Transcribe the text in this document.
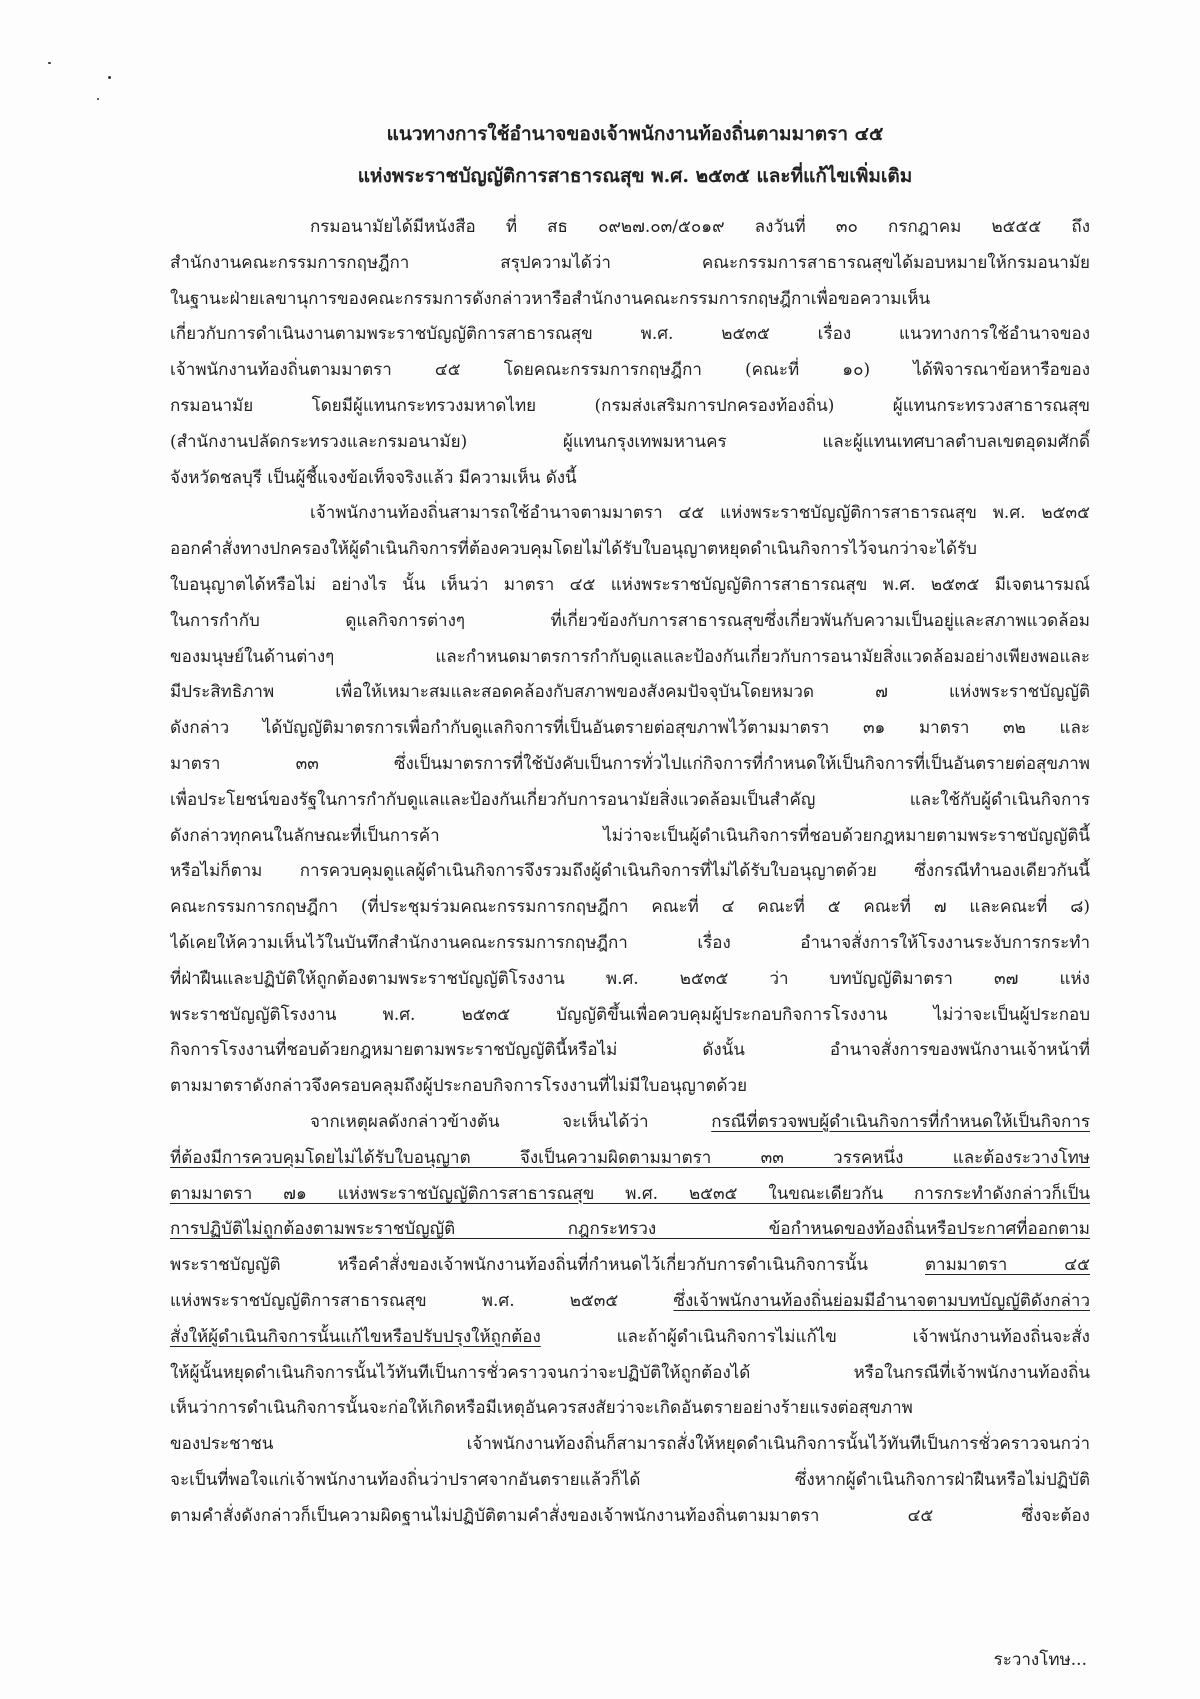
แนวทางการใช้อำนาจของเจ้าพนักงานท้องถิ่นตามมาตรา ๔๕
แห่งพระราชบัญญัติการสาธารณสุข พ.ศ. ๒๕๓๕ และที่แก้ไขเพิ่มเติม
กรมอนามัยได้มีหนังสือ ที่ สธ ๐๙๒๗.๐๓/๕๐๑๙ ลงวันที่ ๓๐ กรกฎาคม ๒๕๕๕ ถึง
สำนักงานคณะกรรมการกฤษฎีกา สรุปความได้ว่า คณะกรรมการสาธารณสุขได้มอบหมายให้กรมอนามัย
ในฐานะฝ่ายเลขานุการของคณะกรรมการดังกล่าวหารือสำนักงานคณะกรรมการกฤษฎีกาเพื่อขอความเห็น
เกี่ยวกับการดำเนินงานตามพระราชบัญญัติการสาธารณสุข พ.ศ. ๒๕๓๕ เรื่อง แนวทางการใช้อำนาจของ
เจ้าพนักงานท้องถิ่นตามมาตรา ๔๕ โดยคณะกรรมการกฤษฎีกา (คณะที่ ๑๐) ได้พิจารณาข้อหารือของ
กรมอนามัย โดยมีผู้แทนกระทรวงมหาดไทย (กรมส่งเสริมการปกครองท้องถิ่น) ผู้แทนกระทรวงสาธารณสุข
(สำนักงานปลัดกระทรวงและกรมอนามัย) ผู้แทนกรุงเทพมหานคร และผู้แทนเทศบาลตำบลเขตอุดมศักดิ์
จังหวัดชลบุรี เป็นผู้ชี้แจงข้อเท็จจริงแล้ว มีความเห็น ดังนี้
เจ้าพนักงานท้องถิ่นสามารถใช้อำนาจตามมาตรา ๔๕ แห่งพระราชบัญญัติการสาธารณสุข พ.ศ. ๒๕๓๕
ออกคำสั่งทางปกครองให้ผู้ดำเนินกิจการที่ต้องควบคุมโดยไม่ได้รับใบอนุญาตหยุดดำเนินกิจการไว้จนกว่าจะได้รับ
ใบอนุญาตได้หรือไม่ อย่างไร นั้น เห็นว่า มาตรา ๔๕ แห่งพระราชบัญญัติการสาธารณสุข พ.ศ. ๒๕๓๕ มีเจตนารมณ์
ในการกำกับ ดูแลกิจการต่างๆ ที่เกี่ยวข้องกับการสาธารณสุขซึ่งเกี่ยวพันกับความเป็นอยู่และสภาพแวดล้อม
ของมนุษย์ในด้านต่างๆ และกำหนดมาตรการกำกับดูแลและป้องกันเกี่ยวกับการอนามัยสิ่งแวดล้อมอย่างเพียงพอและ
มีประสิทธิภาพ เพื่อให้เหมาะสมและสอดคล้องกับสภาพของสังคมปัจจุบันโดยหมวด ๗ แห่งพระราชบัญญัติ
ดังกล่าว ได้บัญญัติมาตรการเพื่อกำกับดูแลกิจการที่เป็นอันตรายต่อสุขภาพไว้ตามมาตรา ๓๑ มาตรา ๓๒ และ
มาตรา ๓๓ ซึ่งเป็นมาตรการที่ใช้บังคับเป็นการทั่วไปแก่กิจการที่กำหนดให้เป็นกิจการที่เป็นอันตรายต่อสุขภาพ
เพื่อประโยชน์ของรัฐในการกำกับดูแลและป้องกันเกี่ยวกับการอนามัยสิ่งแวดล้อมเป็นสำคัญ และใช้กับผู้ดำเนินกิจการ
ดังกล่าวทุกคนในลักษณะที่เป็นการค้า ไม่ว่าจะเป็นผู้ดำเนินกิจการที่ชอบด้วยกฎหมายตามพระราชบัญญัตินี้
หรือไม่ก็ตาม การควบคุมดูแลผู้ดำเนินกิจการจึงรวมถึงผู้ดำเนินกิจการที่ไม่ได้รับใบอนุญาตด้วย ซึ่งกรณีทำนองเดียวกันนี้
คณะกรรมการกฤษฎีกา (ที่ประชุมร่วมคณะกรรมการกฤษฎีกา คณะที่ ๔ คณะที่ ๕ คณะที่ ๗ และคณะที่ ๘)
ได้เคยให้ความเห็นไว้ในบันทึกสำนักงานคณะกรรมการกฤษฎีกา เรื่อง อำนาจสั่งการให้โรงงานระงับการกระทำ
ที่ฝ่าฝืนและปฏิบัติให้ถูกต้องตามพระราชบัญญัติโรงงาน พ.ศ. ๒๕๓๕ ว่า บทบัญญัติมาตรา ๓๗ แห่ง
พระราชบัญญัติโรงงาน พ.ศ. ๒๕๓๕ บัญญัติขึ้นเพื่อควบคุมผู้ประกอบกิจการโรงงาน ไม่ว่าจะเป็นผู้ประกอบ
กิจการโรงงานที่ชอบด้วยกฎหมายตามพระราชบัญญัตินี้หรือไม่ ดังนั้น อำนาจสั่งการของพนักงานเจ้าหน้าที่
ตามมาตราดังกล่าวจึงครอบคลุมถึงผู้ประกอบกิจการโรงงานที่ไม่มีใบอนุญาตด้วย
จากเหตุผลดังกล่าวข้างต้น จะเห็นได้ว่า กรณีที่ตรวจพบผู้ดำเนินกิจการที่กำหนดให้เป็นกิจการ
ที่ต้องมีการควบคุมโดยไม่ได้รับใบอนุญาต จึงเป็นความผิดตามมาตรา ๓๓ วรรคหนึ่ง และต้องระวางโทษ
ตามมาตรา ๗๑ แห่งพระราชบัญญัติการสาธารณสุข พ.ศ. ๒๕๓๕ ในขณะเดียวกัน การกระทำดังกล่าวก็เป็น
การปฏิบัติไม่ถูกต้องตามพระราชบัญญัติ กฎกระทรวง ข้อกำหนดของท้องถิ่นหรือประกาศที่ออกตาม
พระราชบัญญัติ หรือคำสั่งของเจ้าพนักงานท้องถิ่นที่กำหนดไว้เกี่ยวกับการดำเนินกิจการนั้น ตามมาตรา ๔๕
แห่งพระราชบัญญัติการสาธารณสุข พ.ศ. ๒๕๓๕ ซึ่งเจ้าพนักงานท้องถิ่นย่อมมีอำนาจตามบทบัญญัติดังกล่าว
สั่งให้ผู้ดำเนินกิจการนั้นแก้ไขหรือปรับปรุงให้ถูกต้อง และถ้าผู้ดำเนินกิจการไม่แก้ไข เจ้าพนักงานท้องถิ่นจะสั่ง
ให้ผู้นั้นหยุดดำเนินกิจการนั้นไว้ทันทีเป็นการชั่วคราวจนกว่าจะปฏิบัติให้ถูกต้องได้ หรือในกรณีที่เจ้าพนักงานท้องถิ่น
เห็นว่าการดำเนินกิจการนั้นจะก่อให้เกิดหรือมีเหตุอันควรสงสัยว่าจะเกิดอันตรายอย่างร้ายแรงต่อสุขภาพ
ของประชาชน เจ้าพนักงานท้องถิ่นก็สามารถสั่งให้หยุดดำเนินกิจการนั้นไว้ทันทีเป็นการชั่วคราวจนกว่า
จะเป็นที่พอใจแก่เจ้าพนักงานท้องถิ่นว่าปราศจากอันตรายแล้วก็ได้ ซึ่งหากผู้ดำเนินกิจการฝ่าฝืนหรือไม่ปฏิบัติ
ตามคำสั่งดังกล่าวก็เป็นความผิดฐานไม่ปฏิบัติตามคำสั่งของเจ้าพนักงานท้องถิ่นตามมาตรา ๔๕ ซึ่งจะต้อง
ระวางโทษ...
